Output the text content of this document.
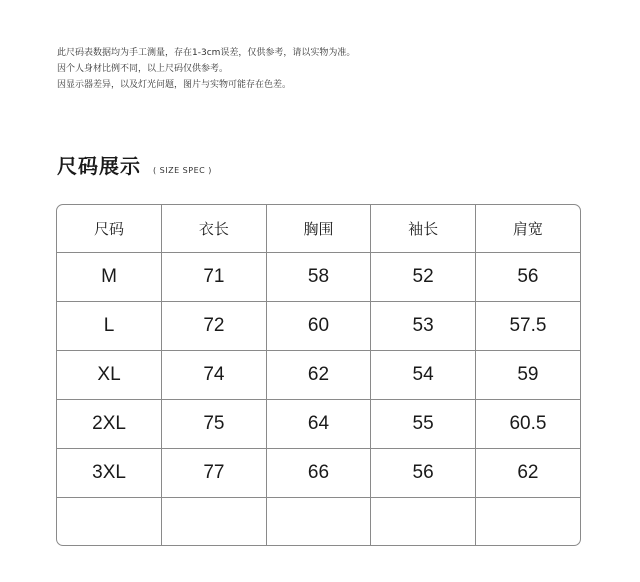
此尺码表数据均为手工测量，存在1-3cm误差，仅供参考，请以实物为准。
因个人身材比例不同，以上尺码仅供参考。
因显示器差异，以及灯光问题，图片与实物可能存在色差。
尺码展示 ( SIZE SPEC )
尺码	衣长	胸围	袖长	肩宽
M	71	58	52	56
L	72	60	53	57.5
XL	74	62	54	59
2XL	75	64	55	60.5
3XL	77	66	56	62
